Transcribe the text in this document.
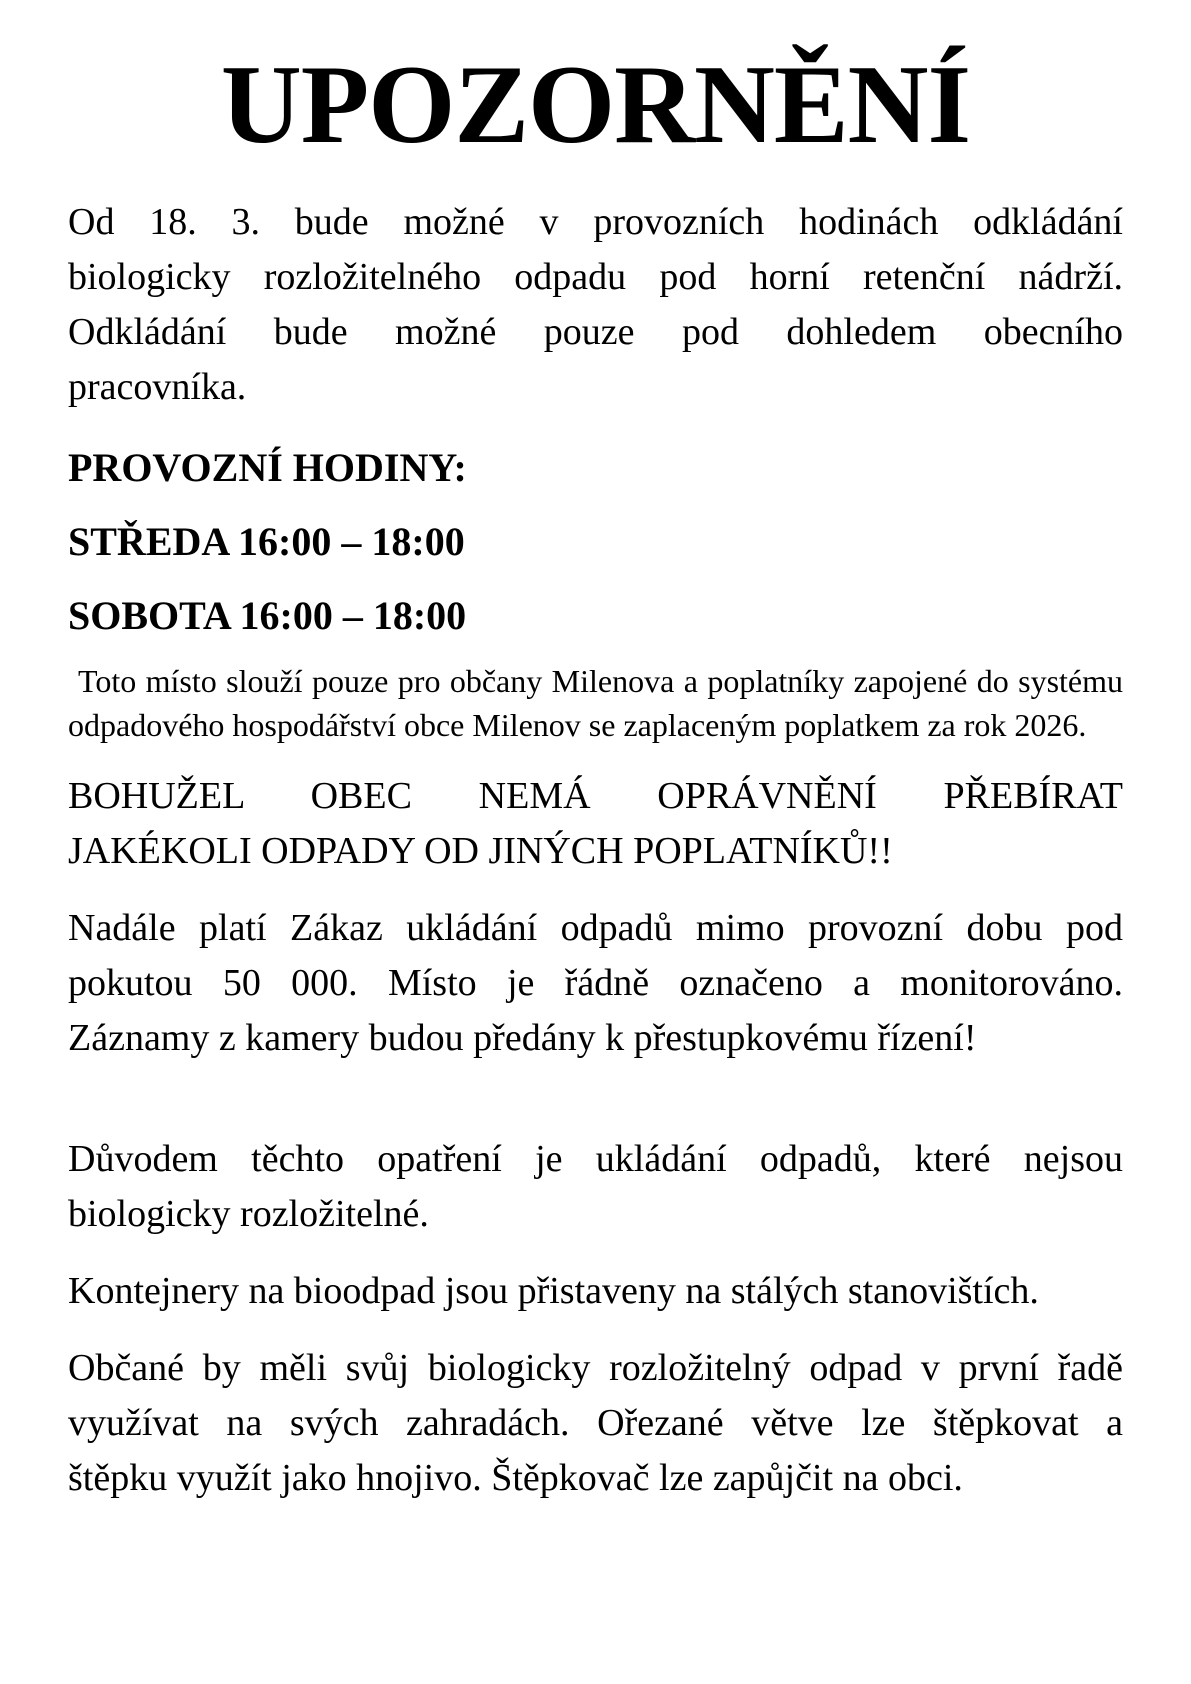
UPOZORNĚNÍ
Od 18. 3. bude možné v provozních hodinách odkládání
biologicky rozložitelného odpadu pod horní retenční nádrží.
Odkládání bude možné pouze pod dohledem obecního
pracovníka.
PROVOZNÍ HODINY:
STŘEDA 16:00 – 18:00
SOBOTA 16:00 – 18:00
Toto místo slouží pouze pro občany Milenova a poplatníky zapojené do systému
odpadového hospodářství obce Milenov se zaplaceným poplatkem za rok 2026.
BOHUŽEL OBEC NEMÁ OPRÁVNĚNÍ PŘEBÍRAT
JAKÉKOLI ODPADY OD JINÝCH POPLATNÍKŮ!!
Nadále platí Zákaz ukládání odpadů mimo provozní dobu pod
pokutou 50 000. Místo je řádně označeno a monitorováno.
Záznamy z kamery budou předány k přestupkovému řízení!
Důvodem těchto opatření je ukládání odpadů, které nejsou
biologicky rozložitelné.
Kontejnery na bioodpad jsou přistaveny na stálých stanovištích.
Občané by měli svůj biologicky rozložitelný odpad v první řadě
využívat na svých zahradách. Ořezané větve lze štěpkovat a
štěpku využít jako hnojivo. Štěpkovač lze zapůjčit na obci.
